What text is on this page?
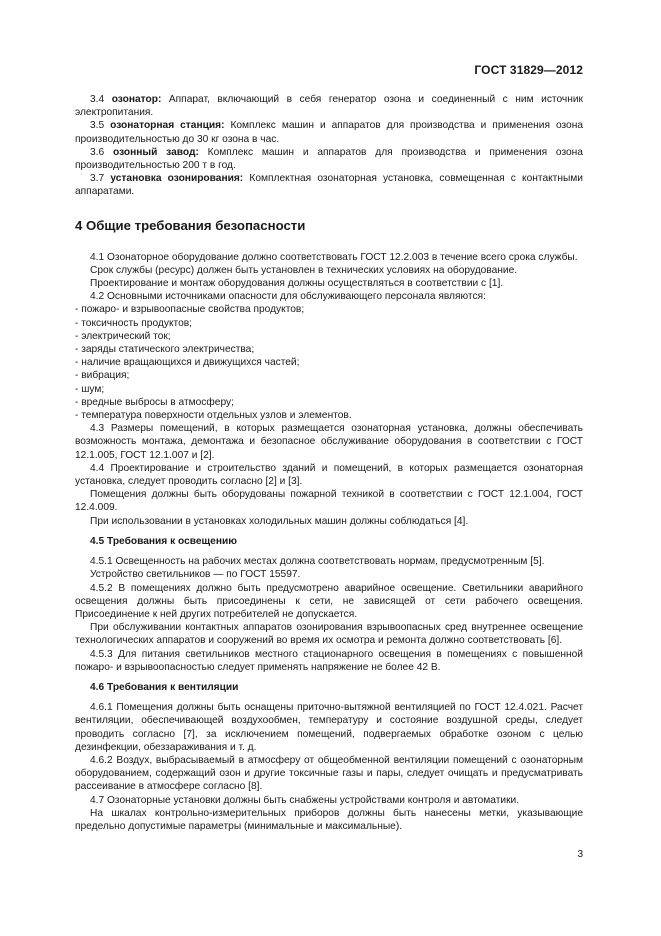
ГОСТ 31829—2012

3.4 озонатор: Аппарат, включающий в себя генератор озона и соединенный с ним источник электропитания.

3.5 озонаторная станция: Комплекс машин и аппаратов для производства и применения озона производительностью до 30 кг озона в час.

3.6 озонный завод: Комплекс машин и аппаратов для производства и применения озона производительностью 200 т в год.

3.7 установка озонирования: Комплектная озонаторная установка, совмещенная с контактными аппаратами.

4 Общие требования безопасности

4.1 Озонаторное оборудование должно соответствовать ГОСТ 12.2.003 в течение всего срока службы.

Срок службы (ресурс) должен быть установлен в технических условиях на оборудование.

Проектирование и монтаж оборудования должны осуществляться в соответствии с [1].

4.2 Основными источниками опасности для обслуживающего персонала являются:

- пожаро- и взрывоопасные свойства продуктов;

- токсичность продуктов;

- электрический ток;

- заряды статического электричества;

- наличие вращающихся и движущихся частей;

- вибрация;

- шум;

- вредные выбросы в атмосферу;

- температура поверхности отдельных узлов и элементов.

4.3 Размеры помещений, в которых размещается озонаторная установка, должны обеспечивать возможность монтажа, демонтажа и безопасное обслуживание оборудования в соответствии с ГОСТ 12.1.005, ГОСТ 12.1.007 и [2].

4.4 Проектирование и строительство зданий и помещений, в которых размещается озонаторная установка, следует проводить согласно [2] и [3].

Помещения должны быть оборудованы пожарной техникой в соответствии с ГОСТ 12.1.004, ГОСТ 12.4.009.

При использовании в установках холодильных машин должны соблюдаться [4].

4.5 Требования к освещению

4.5.1 Освещенность на рабочих местах должна соответствовать нормам, предусмотренным [5].

Устройство светильников — по ГОСТ 15597.

4.5.2 В помещениях должно быть предусмотрено аварийное освещение. Светильники аварийного освещения должны быть присоединены к сети, не зависящей от сети рабочего освещения. Присоединение к ней других потребителей не допускается.

При обслуживании контактных аппаратов озонирования взрывоопасных сред внутреннее освещение технологических аппаратов и сооружений во время их осмотра и ремонта должно соответствовать [6].

4.5.3 Для питания светильников местного стационарного освещения в помещениях с повышенной пожаро- и взрывоопасностью следует применять напряжение не более 42 В.

4.6 Требования к вентиляции

4.6.1 Помещения должны быть оснащены приточно-вытяжной вентиляцией по ГОСТ 12.4.021. Расчет вентиляции, обеспечивающей воздухообмен, температуру и состояние воздушной среды, следует проводить согласно [7], за исключением помещений, подвергаемых обработке озоном с целью дезинфекции, обеззараживания и т. д.

4.6.2 Воздух, выбрасываемый в атмосферу от общеобменной вентиляции помещений с озонаторным оборудованием, содержащий озон и другие токсичные газы и пары, следует очищать и предусматривать рассеивание в атмосфере согласно [8].

4.7 Озонаторные установки должны быть снабжены устройствами контроля и автоматики.

На шкалах контрольно-измерительных приборов должны быть нанесены метки, указывающие предельно допустимые параметры (минимальные и максимальные).

3
